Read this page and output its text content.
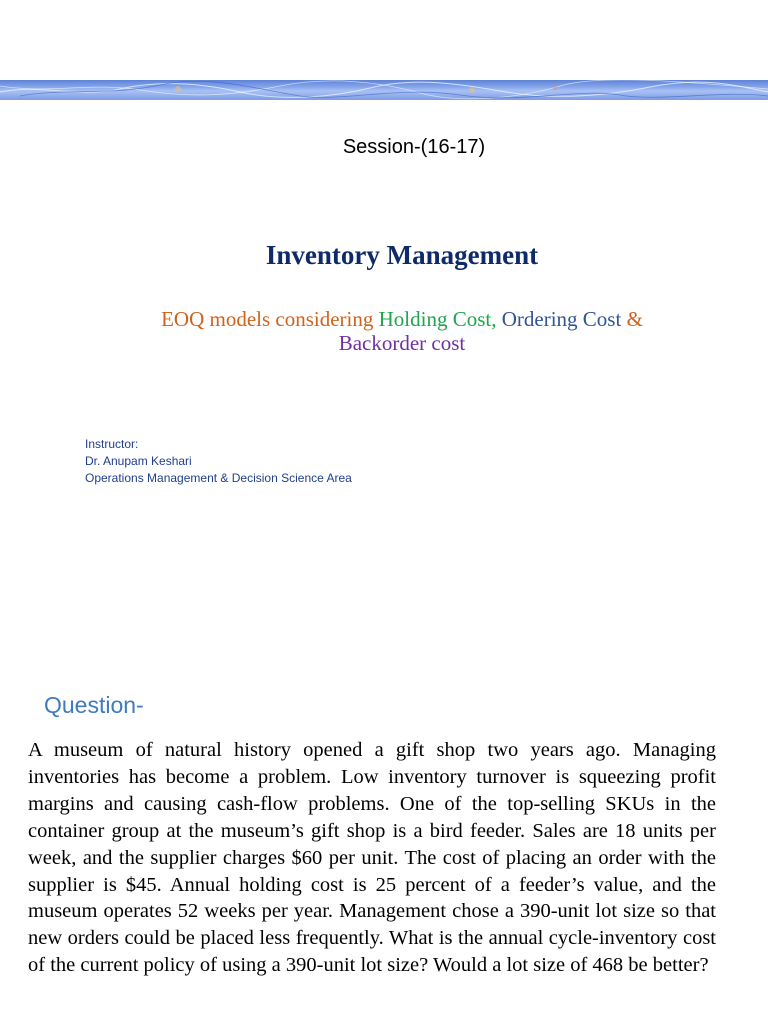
Session-(16-17)
Inventory Management
EOQ models considering Holding Cost, Ordering Cost &
Backorder cost
Instructor:
Dr. Anupam Keshari
Operations Management & Decision Science Area
Question-

A museum of natural history opened a gift shop two years ago. Managing inventories has become a problem. Low inventory turnover is squeezing profit margins and causing cash-flow problems. One of the top-selling SKUs in the container group at the museum’s gift shop is a bird feeder. Sales are 18 units per week, and the supplier charges $60 per unit. The cost of placing an order with the supplier is $45. Annual holding cost is 25 percent of a feeder’s value, and the museum operates 52 weeks per year. Management chose a 390-unit lot size so that new orders could be placed less frequently. What is the annual cycle-inventory cost of the current policy of using a 390-unit lot size? Would a lot size of 468 be better?
